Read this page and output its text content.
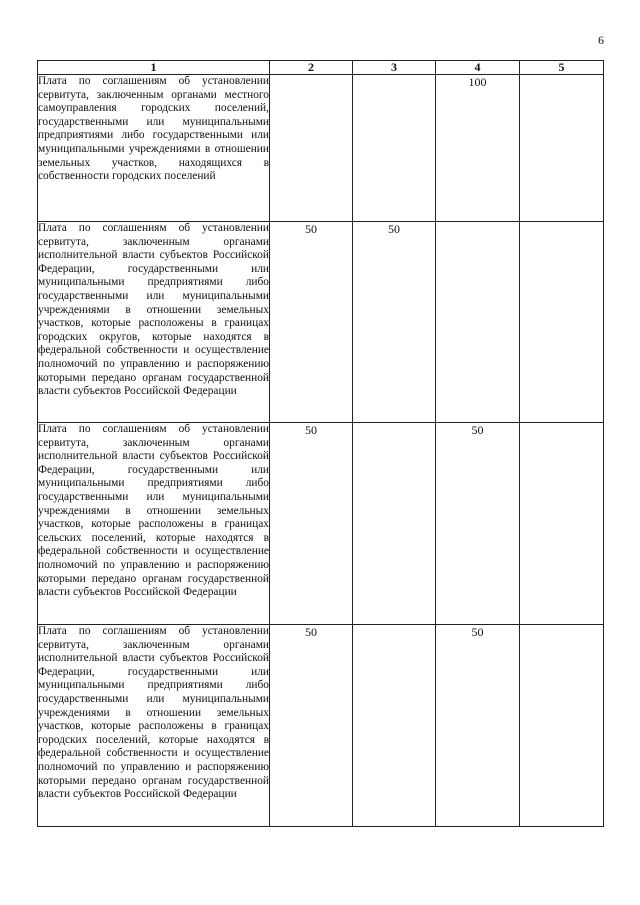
6
1	2	3	4	5
Плата по соглашениям об установлении сервитута, заключенным органами местного самоуправления городских поселений, государственными или муниципальными предприятиями либо государственными или муниципальными учреждениями в отношении земельных участков, находящихся в собственности городских поселений			100	
Плата по соглашениям об установлении сервитута, заключенным органами исполнительной власти субъектов Российской Федерации, государственными или муниципальными предприятиями либо государственными или муниципальными учреждениями в отношении земельных участков, которые расположены в границах городских округов, которые находятся в федеральной собственности и осуществление полномочий по управлению и распоряжению которыми передано органам государственной власти субъектов Российской Федерации	50	50		
Плата по соглашениям об установлении сервитута, заключенным органами исполнительной власти субъектов Российской Федерации, государственными или муниципальными предприятиями либо государственными или муниципальными учреждениями в отношении земельных участков, которые расположены в границах сельских поселений, которые находятся в федеральной собственности и осуществление полномочий по управлению и распоряжению которыми передано органам государственной власти субъектов Российской Федерации	50		50	
Плата по соглашениям об установлении сервитута, заключенным органами исполнительной власти субъектов Российской Федерации, государственными или муниципальными предприятиями либо государственными или муниципальными учреждениями в отношении земельных участков, которые расположены в границах городских поселений, которые находятся в федеральной собственности и осуществление полномочий по управлению и распоряжению которыми передано органам государственной власти субъектов Российской Федерации	50		50	
